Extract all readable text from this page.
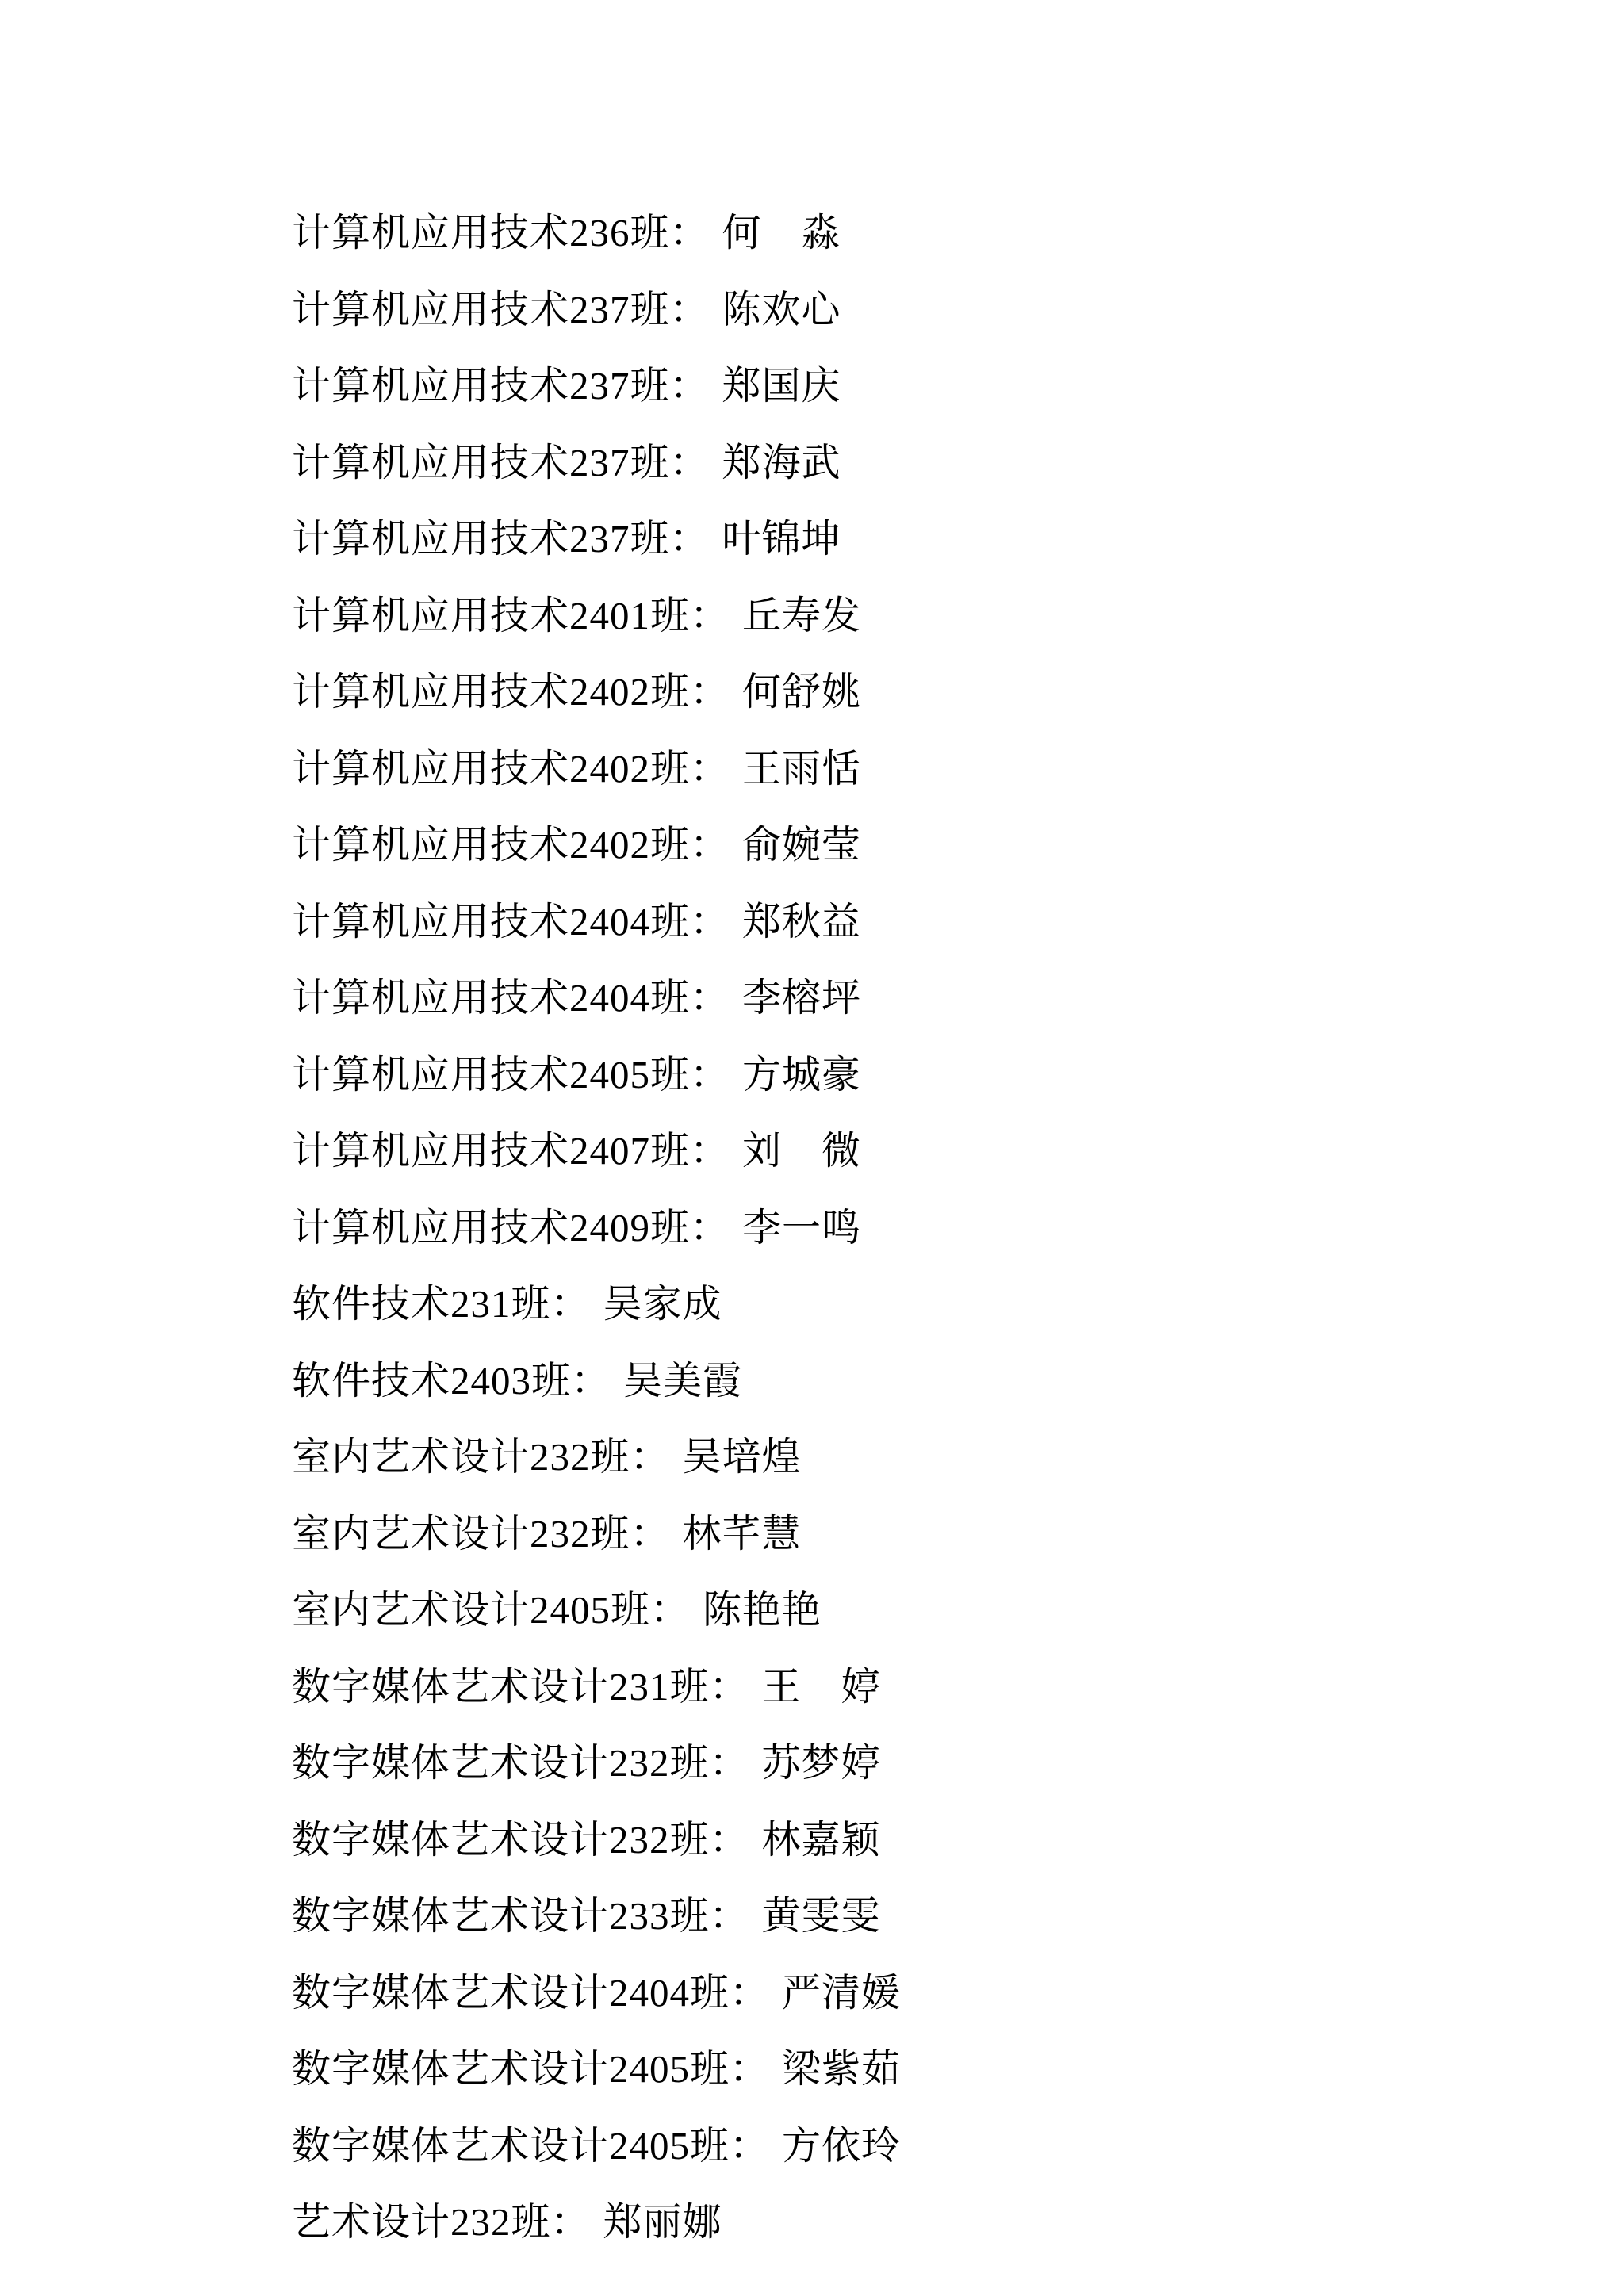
计算机应用技术236班： 何　淼

计算机应用技术237班： 陈欢心

计算机应用技术237班： 郑国庆

计算机应用技术237班： 郑海武

计算机应用技术237班： 叶锦坤

计算机应用技术2401班： 丘寿发

计算机应用技术2402班： 何舒姚

计算机应用技术2402班： 王雨恬

计算机应用技术2402班： 俞婉莹

计算机应用技术2404班： 郑秋益

计算机应用技术2404班： 李榕坪

计算机应用技术2405班： 方城豪

计算机应用技术2407班： 刘　微

计算机应用技术2409班： 李一鸣

软件技术231班： 吴家成

软件技术2403班： 吴美霞

室内艺术设计232班： 吴培煌

室内艺术设计232班： 林芊慧

室内艺术设计2405班： 陈艳艳

数字媒体艺术设计231班： 王　婷

数字媒体艺术设计232班： 苏梦婷

数字媒体艺术设计232班： 林嘉颖

数字媒体艺术设计233班： 黄雯雯

数字媒体艺术设计2404班： 严清媛

数字媒体艺术设计2405班： 梁紫茹

数字媒体艺术设计2405班： 方依玲

艺术设计232班： 郑丽娜
